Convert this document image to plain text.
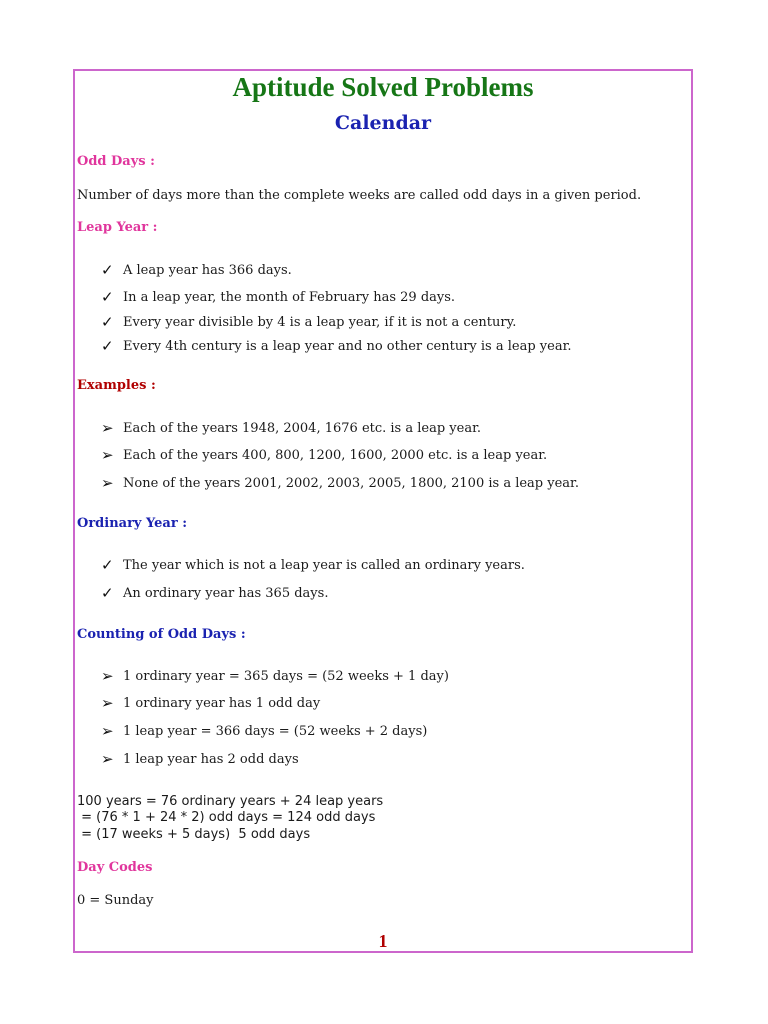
Aptitude Solved Problems
Calendar
Odd Days :
Number of days more than the complete weeks are called odd days in a given period.
Leap Year :
✓ A leap year has 366 days.
✓ In a leap year, the month of February has 29 days.
✓ Every year divisible by 4 is a leap year, if it is not a century.
✓ Every 4th century is a leap year and no other century is a leap year.
Examples :
➢ Each of the years 1948, 2004, 1676 etc. is a leap year.
➢ Each of the years 400, 800, 1200, 1600, 2000 etc. is a leap year.
➢ None of the years 2001, 2002, 2003, 2005, 1800, 2100 is a leap year.
Ordinary Year :
✓ The year which is not a leap year is called an ordinary years.
✓ An ordinary year has 365 days.
Counting of Odd Days :
➢ 1 ordinary year = 365 days = (52 weeks + 1 day)
➢ 1 ordinary year has 1 odd day
➢ 1 leap year = 366 days = (52 weeks + 2 days)
➢ 1 leap year has 2 odd days
100 years = 76 ordinary years + 24 leap years
= (76 * 1 + 24 * 2) odd days = 124 odd days
= (17 weeks + 5 days)  5 odd days
Day Codes
0 = Sunday
1
